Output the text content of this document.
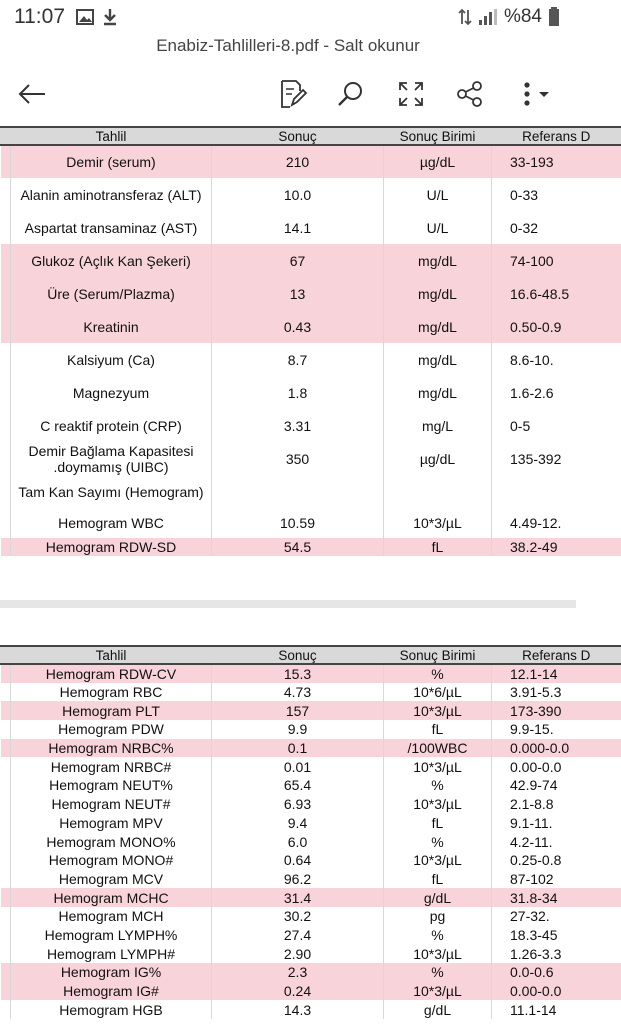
11:07	%84
Enabiz-Tahlilleri-8.pdf - Salt okunur
	Tahlil	Sonuç	Sonuç Birimi	Referans D
	Demir (serum)	210	µg/dL	33-193
	Alanin aminotransferaz (ALT)	10.0	U/L	0-33
	Aspartat transaminaz (AST)	14.1	U/L	0-32
	Glukoz (Açlık Kan Şekeri)	67	mg/dL	74-100
	Üre (Serum/Plazma)	13	mg/dL	16.6-48.5
	Kreatinin	0.43	mg/dL	0.50-0.9
	Kalsiyum (Ca)	8.7	mg/dL	8.6-10.
	Magnezyum	1.8	mg/dL	1.6-2.6
	C reaktif protein (CRP)	3.31	mg/L	0-5
	Demir Bağlama Kapasitesi .doymamış (UIBC)	350	µg/dL	135-392
	Tam Kan Sayımı (Hemogram)			
	Hemogram WBC	10.59	10*3/µL	4.49-12.
	Hemogram RDW-SD	54.5	fL	38.2-49
	Tahlil	Sonuç	Sonuç Birimi	Referans D
	Hemogram RDW-CV	15.3	%	12.1-14
	Hemogram RBC	4.73	10*6/µL	3.91-5.3
	Hemogram PLT	157	10*3/µL	173-390
	Hemogram PDW	9.9	fL	9.9-15.
	Hemogram NRBC%	0.1	/100WBC	0.000-0.0
	Hemogram NRBC#	0.01	10*3/µL	0.00-0.0
	Hemogram NEUT%	65.4	%	42.9-74
	Hemogram NEUT#	6.93	10*3/µL	2.1-8.8
	Hemogram MPV	9.4	fL	9.1-11.
	Hemogram MONO%	6.0	%	4.2-11.
	Hemogram MONO#	0.64	10*3/µL	0.25-0.8
	Hemogram MCV	96.2	fL	87-102
	Hemogram MCHC	31.4	g/dL	31.8-34
	Hemogram MCH	30.2	pg	27-32.
	Hemogram LYMPH%	27.4	%	18.3-45
	Hemogram LYMPH#	2.90	10*3/µL	1.26-3.3
	Hemogram IG%	2.3	%	0.0-0.6
	Hemogram IG#	0.24	10*3/µL	0.00-0.0
	Hemogram HGB	14.3	g/dL	11.1-14
